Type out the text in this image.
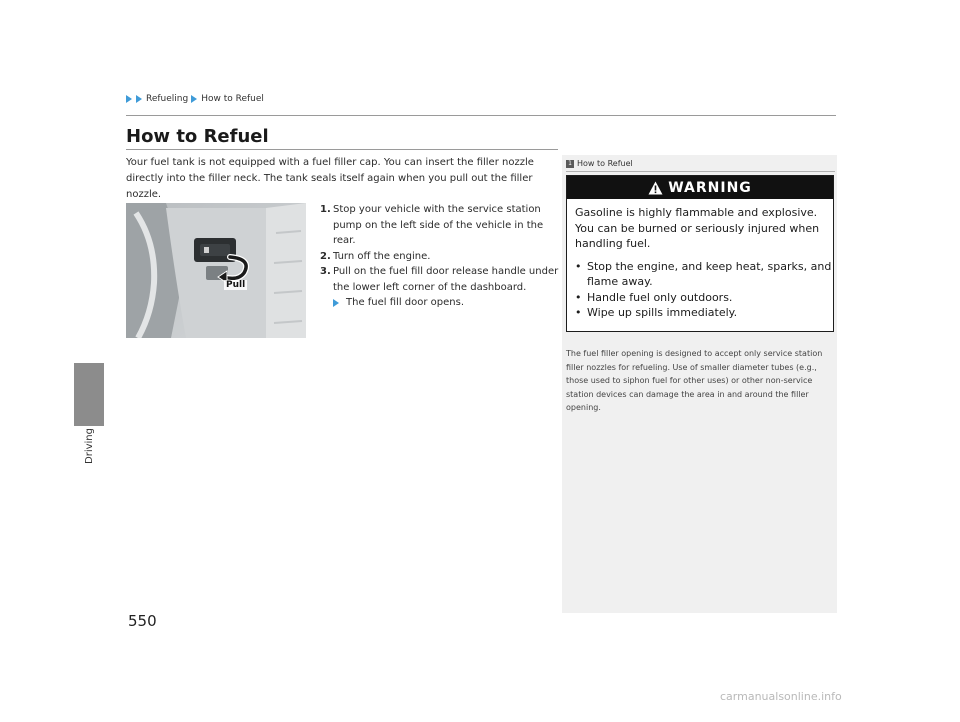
Refueling How to Refuel
Driving
How to Refuel

Your fuel tank is not equipped with a fuel filler cap. You can insert the filler nozzle directly into the filler neck. The tank seals itself again when you pull out the filler nozzle.

Pull
1. Stop your vehicle with the service station pump on the left side of the vehicle in the rear.
2. Turn off the engine.
3. Pull on the fuel fill door release handle under the lower left corner of the dashboard.
The fuel fill door opens.
1 How to Refuel
WARNING

Gasoline is highly flammable and explosive. You can be burned or seriously injured when handling fuel.

• Stop the engine, and keep heat, sparks, and flame away.
• Handle fuel only outdoors.
• Wipe up spills immediately.

The fuel filler opening is designed to accept only service station filler nozzles for refueling. Use of smaller diameter tubes (e.g., those used to siphon fuel for other uses) or other non-service station devices can damage the area in and around the filler opening.

550
carmanualsonline.info
